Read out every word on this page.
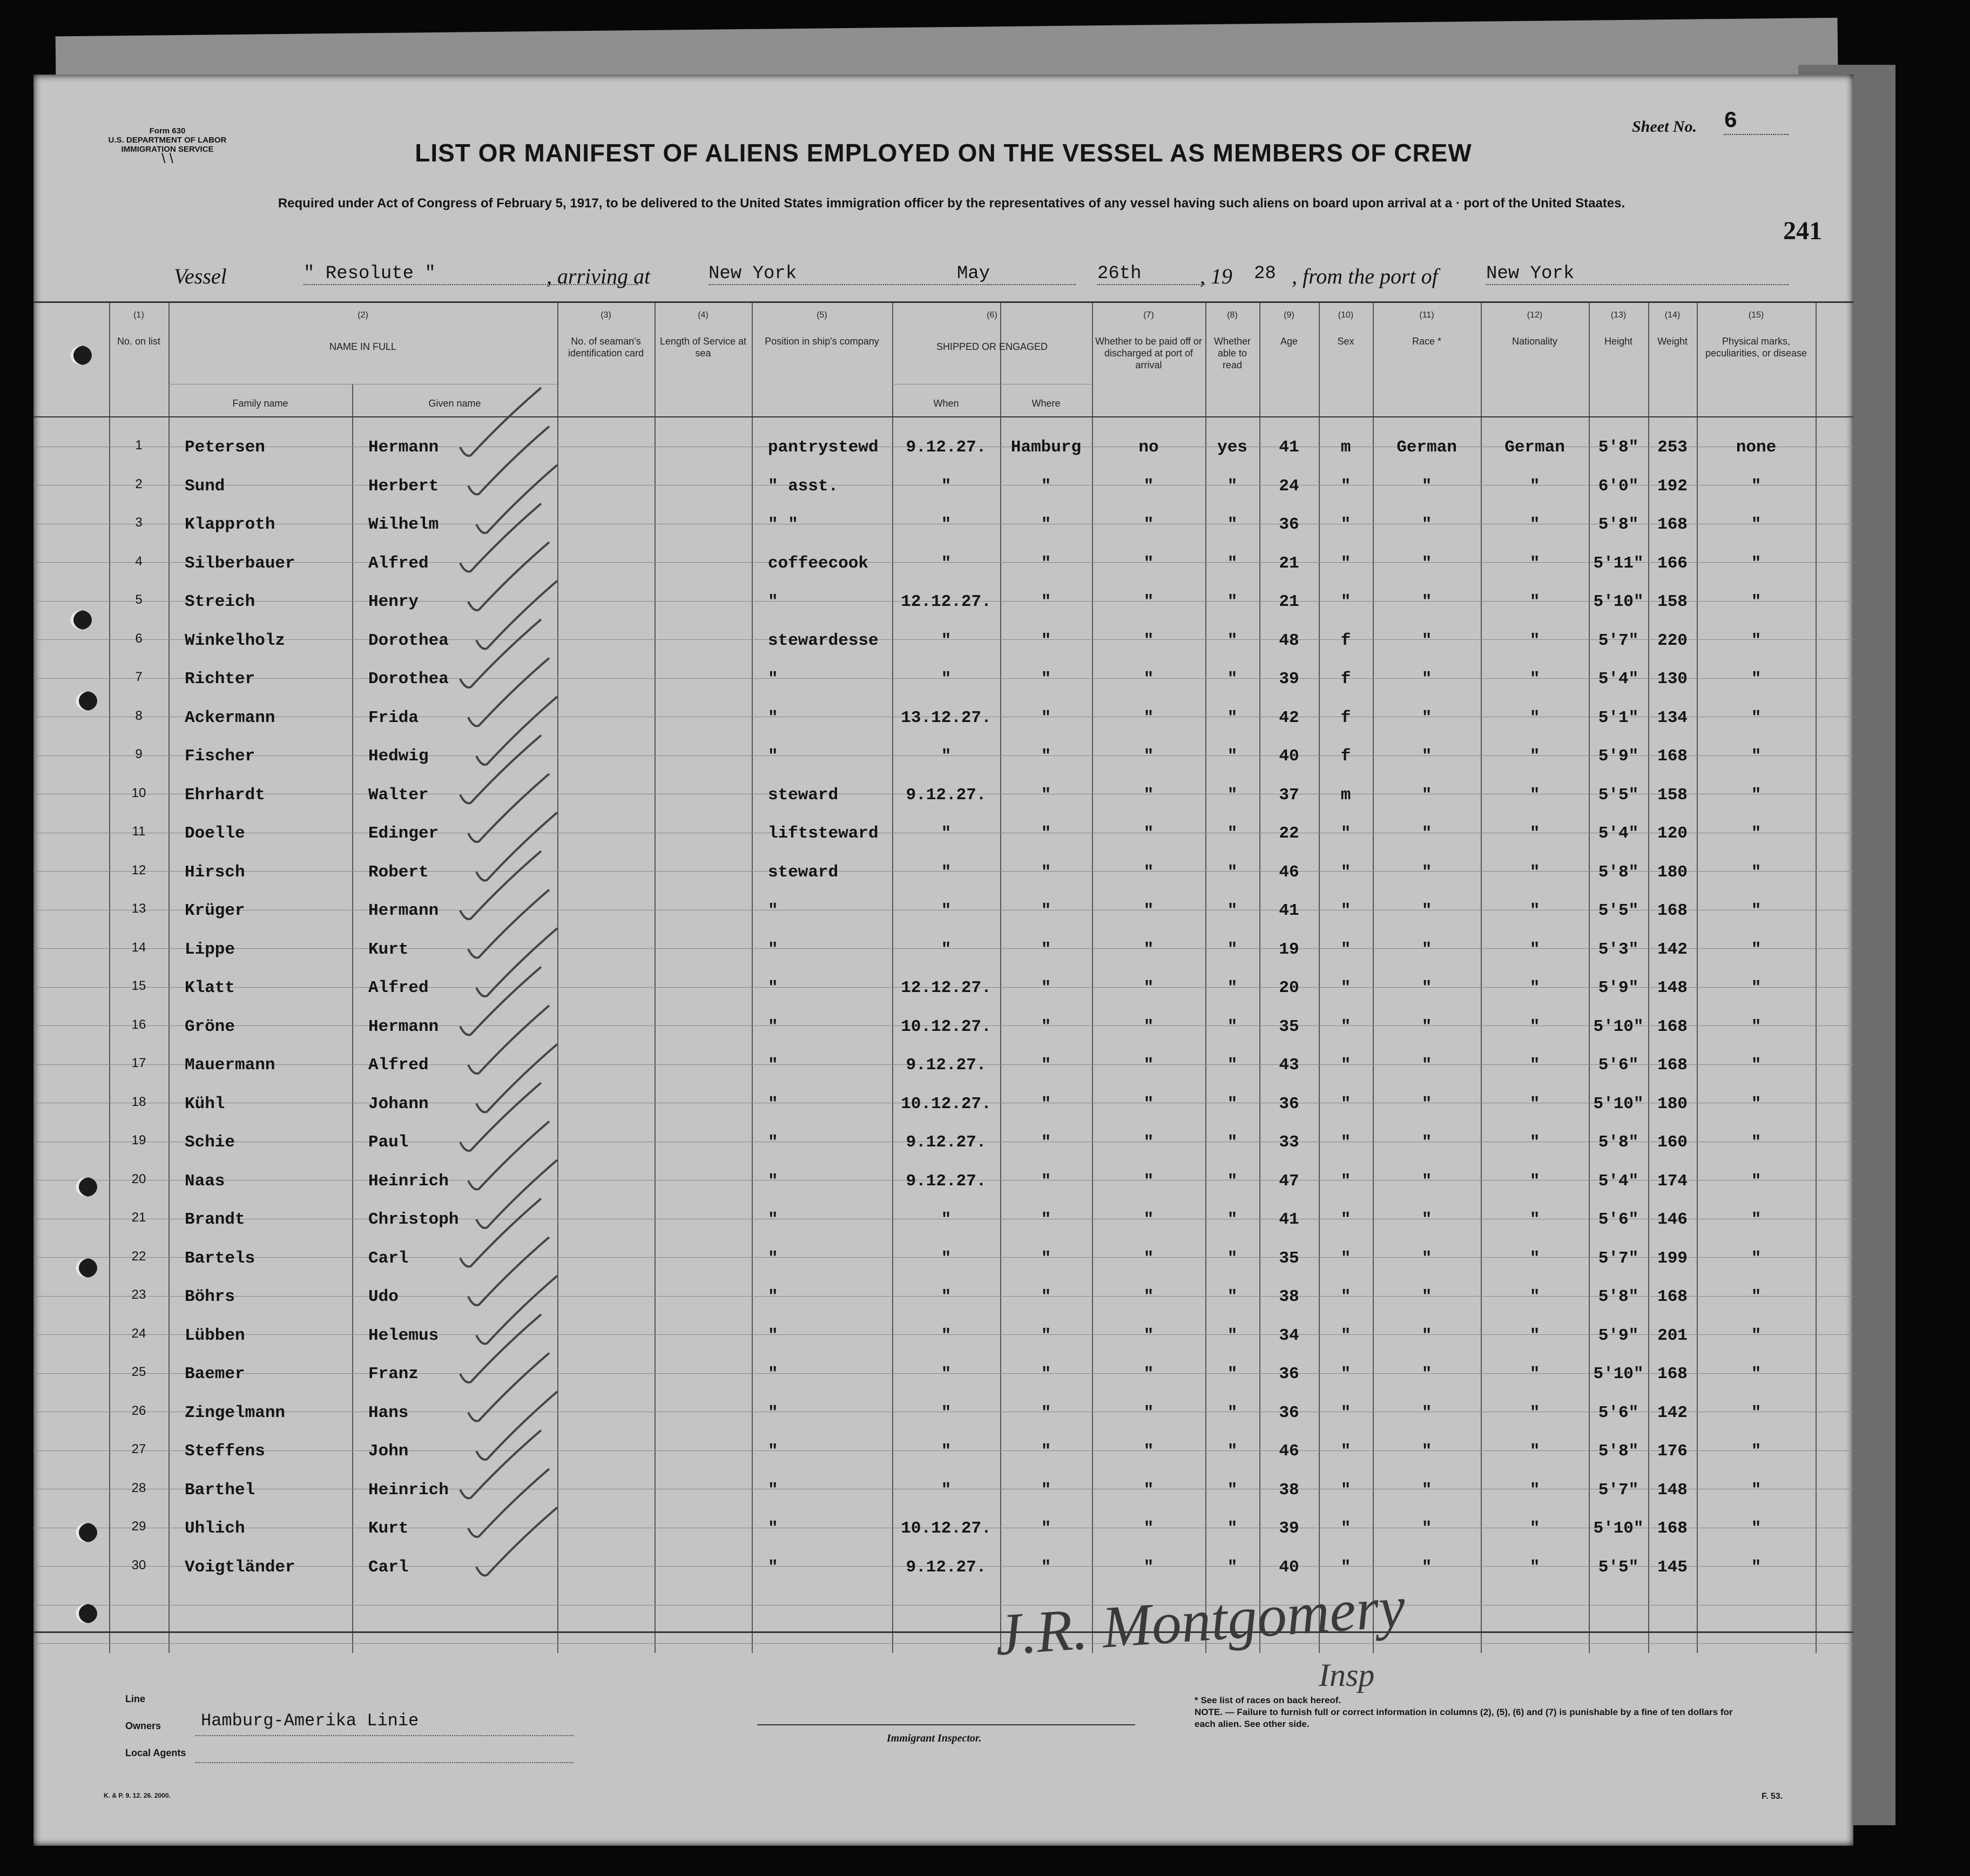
Form 630
U.S. DEPARTMENT OF LABOR
IMMIGRATION SERVICE
\ \
Sheet No. 6
LIST OR MANIFEST OF ALIENS EMPLOYED ON THE VESSEL AS MEMBERS OF CREW
Required under Act of Congress of February 5, 1917, to be delivered to the United States immigration officer by the representatives of any vessel having such aliens on board upon arrival at a · port of the United Staates.
241
Vessel	" Resolute "	, arriving at	New York	May	26th	, 19 28 , from the port of	New York
(1)
No. on list
(2)
NAME IN FULL
Family name	Given name
(3)
No. of seaman's identification card
(4)
Length of Service at sea
(5)
Position in ship's company
(6)
SHIPPED OR ENGAGED
When	Where
(7)
Whether to be paid off or discharged at port of arrival
(8)
Whether able to read
(9)
Age
(10)
Sex
(11)
Race *
(12)
Nationality
(13)
Height
(14)
Weight
(15)
Physical marks, peculiarities, or disease
1	Petersen	Hermann	pantrystewd	9.12.27.	Hamburg	no	yes	41	m	German	German	5'8"	253	none
2	Sund	Herbert	" asst.	"	"	"	"	24	"	"	"	6'0"	192	"
3	Klapproth	Wilhelm	" "	"	"	"	"	36	"	"	"	5'8"	168	"
4	Silberbauer	Alfred	coffeecook	"	"	"	"	21	"	"	"	5'11" 166	"
5	Streich	Henry	"	12.12.27.	"	"	"	21	"	"	"	5'10" 158	"
6	Winkelholz	Dorothea	stewardesse	"	"	"	"	48	f	"	"	5'7"	220	"
7	Richter	Dorothea	"	"	"	"	"	39	f	"	"	5'4"	130	"
8	Ackermann	Frida	"	13.12.27.	"	"	"	42	f	"	"	5'1"	134	"
9	Fischer	Hedwig	"	"	"	"	"	40	f	"	"	5'9"	168	"
10	Ehrhardt	Walter	steward	9.12.27.	"	"	"	37	m	"	"	5'5"	158	"
11	Doelle	Edinger	liftsteward	"	"	"	"	22	"	"	"	5'4"	120	"
12	Hirsch	Robert	steward	"	"	"	"	46	"	"	"	5'8"	180	"
13	Krüger	Hermann	"	"	"	"	"	41	"	"	"	5'5"	168	"
14	Lippe	Kurt	"	"	"	"	"	19	"	"	"	5'3"	142	"
15	Klatt	Alfred	"	12.12.27.	"	"	"	20	"	"	"	5'9"	148	"
16	Gröne	Hermann	"	10.12.27.	"	"	"	35	"	"	"	5'10" 168	"
17	Mauermann	Alfred	"	9.12.27.	"	"	"	43	"	"	"	5'6"	168	"
18	Kühl	Johann	"	10.12.27.	"	"	"	36	"	"	"	5'10" 180	"
19	Schie	Paul	"	9.12.27.	"	"	"	33	"	"	"	5'8"	160	"
20	Naas	Heinrich	"	9.12.27.	"	"	"	47	"	"	"	5'4"	174	"
21	Brandt	Christoph	"	"	"	"	"	41	"	"	"	5'6"	146	"
22	Bartels	Carl	"	"	"	"	"	35	"	"	"	5'7"	199	"
23	Böhrs	Udo	"	"	"	"	"	38	"	"	"	5'8"	168	"
24	Lübben	Helemus	"	"	"	"	"	34	"	"	"	5'9"	201	"
25	Baemer	Franz	"	"	"	"	"	36	"	"	"	5'10" 168	"
26	Zingelmann	Hans	"	"	"	"	"	36	"	"	"	5'6"	142	"
27	Steffens	John	"	"	"	"	"	46	"	"	"	5'8"	176	"
28	Barthel	Heinrich	"	"	"	"	"	38	"	"	"	5'7"	148	"
29	Uhlich	Kurt	"	10.12.27.	"	"	"	39	"	"	"	5'10" 168	"
30	Voigtländer	Carl	"	9.12.27.	"	"	"	40	"	"	"	5'5"	145	"
Line
Owners Hamburg-Amerika Linie
Local Agents
Immigrant Inspector.
J.R. Montgomery
Insp
* See list of races on back hereof.
NOTE. — Failure to furnish full or correct information in columns (2), (5), (6) and (7) is punishable by a fine of ten dollars for each alien. See other side.
K. & P. 9. 12. 26. 2000.	F. 53.
